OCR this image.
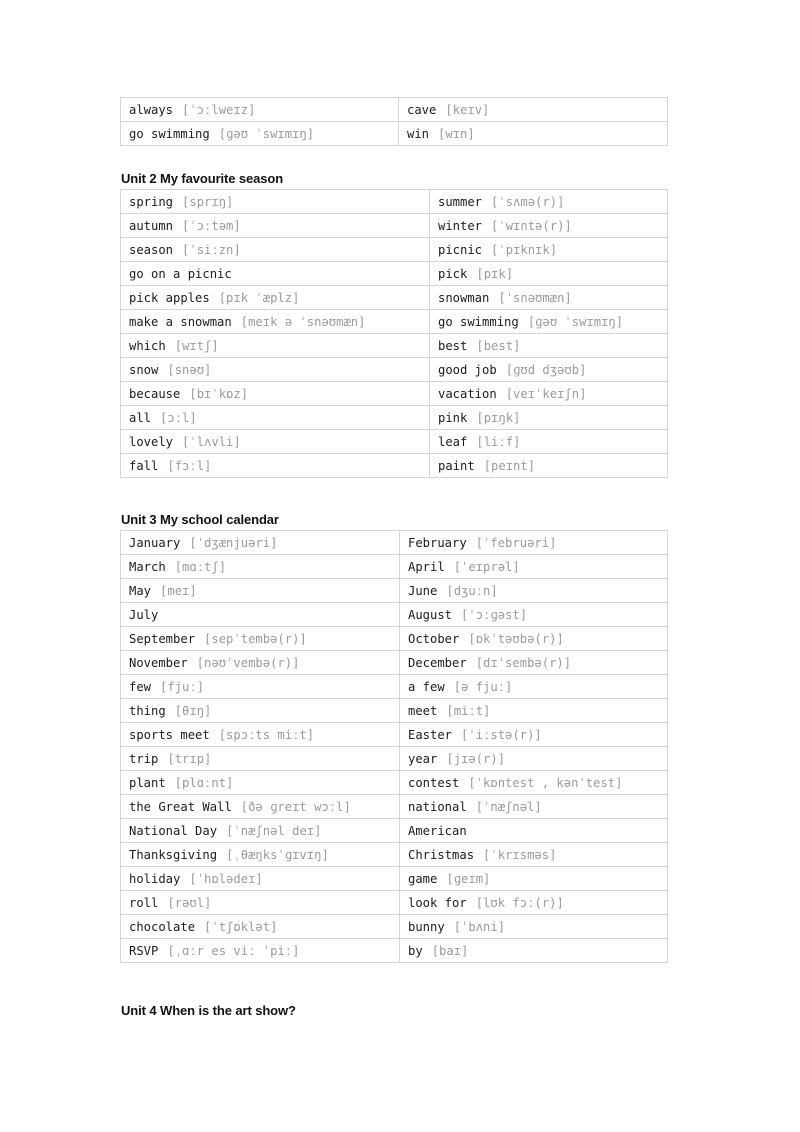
always [ˈɔːlweɪz]	cave [keɪv]
go swimming [ɡəʊ ˈswɪmɪŋ]	win [wɪn]
Unit 2 My favourite season
spring [sprɪŋ]	summer [ˈsʌmə(r)]
autumn [ˈɔːtəm]	winter [ˈwɪntə(r)]
season [ˈsiːzn]	picnic [ˈpɪknɪk]
go on a picnic	pick [pɪk]
pick apples [pɪk ˈæplz]	snowman [ˈsnəʊmæn]
make a snowman [meɪk ə ˈsnəʊmæn]	go swimming [ɡəʊ ˈswɪmɪŋ]
which [wɪtʃ]	best [best]
snow [snəʊ]	good job [ɡʊd dʒəʊb]
because [bɪˈkɒz]	vacation [veɪˈkeɪʃn]
all [ɔːl]	pink [pɪŋk]
lovely [ˈlʌvli]	leaf [liːf]
fall [fɔːl]	paint [peɪnt]
Unit 3 My school calendar
January [ˈdʒænjuəri]	February [ˈfebruəri]
March [mɑːtʃ]	April [ˈeɪprəl]
May [meɪ]	June [dʒuːn]
July	August [ˈɔːɡəst]
September [sepˈtembə(r)]	October [ɒkˈtəʊbə(r)]
November [nəʊˈvembə(r)]	December [dɪˈsembə(r)]
few [fjuː]	a few [ə fjuː]
thing [θɪŋ]	meet [miːt]
sports meet [spɔːts miːt]	Easter [ˈiːstə(r)]
trip [trɪp]	year [jɪə(r)]
plant [plɑːnt]	contest [ˈkɒntest , kənˈtest]
the Great Wall [ðə ɡreɪt wɔːl]	national [ˈnæʃnəl]
National Day [ˈnæʃnəl deɪ]	American
Thanksgiving [ˌθæŋksˈɡɪvɪŋ]	Christmas [ˈkrɪsməs]
holiday [ˈhɒlədeɪ]	game [ɡeɪm]
roll [rəʊl]	look for [lʊk fɔː(r)]
chocolate [ˈtʃɒklət]	bunny [ˈbʌni]
RSVP [ˌɑːr es viː ˈpiː]	by [baɪ]
Unit 4 When is the art show?
